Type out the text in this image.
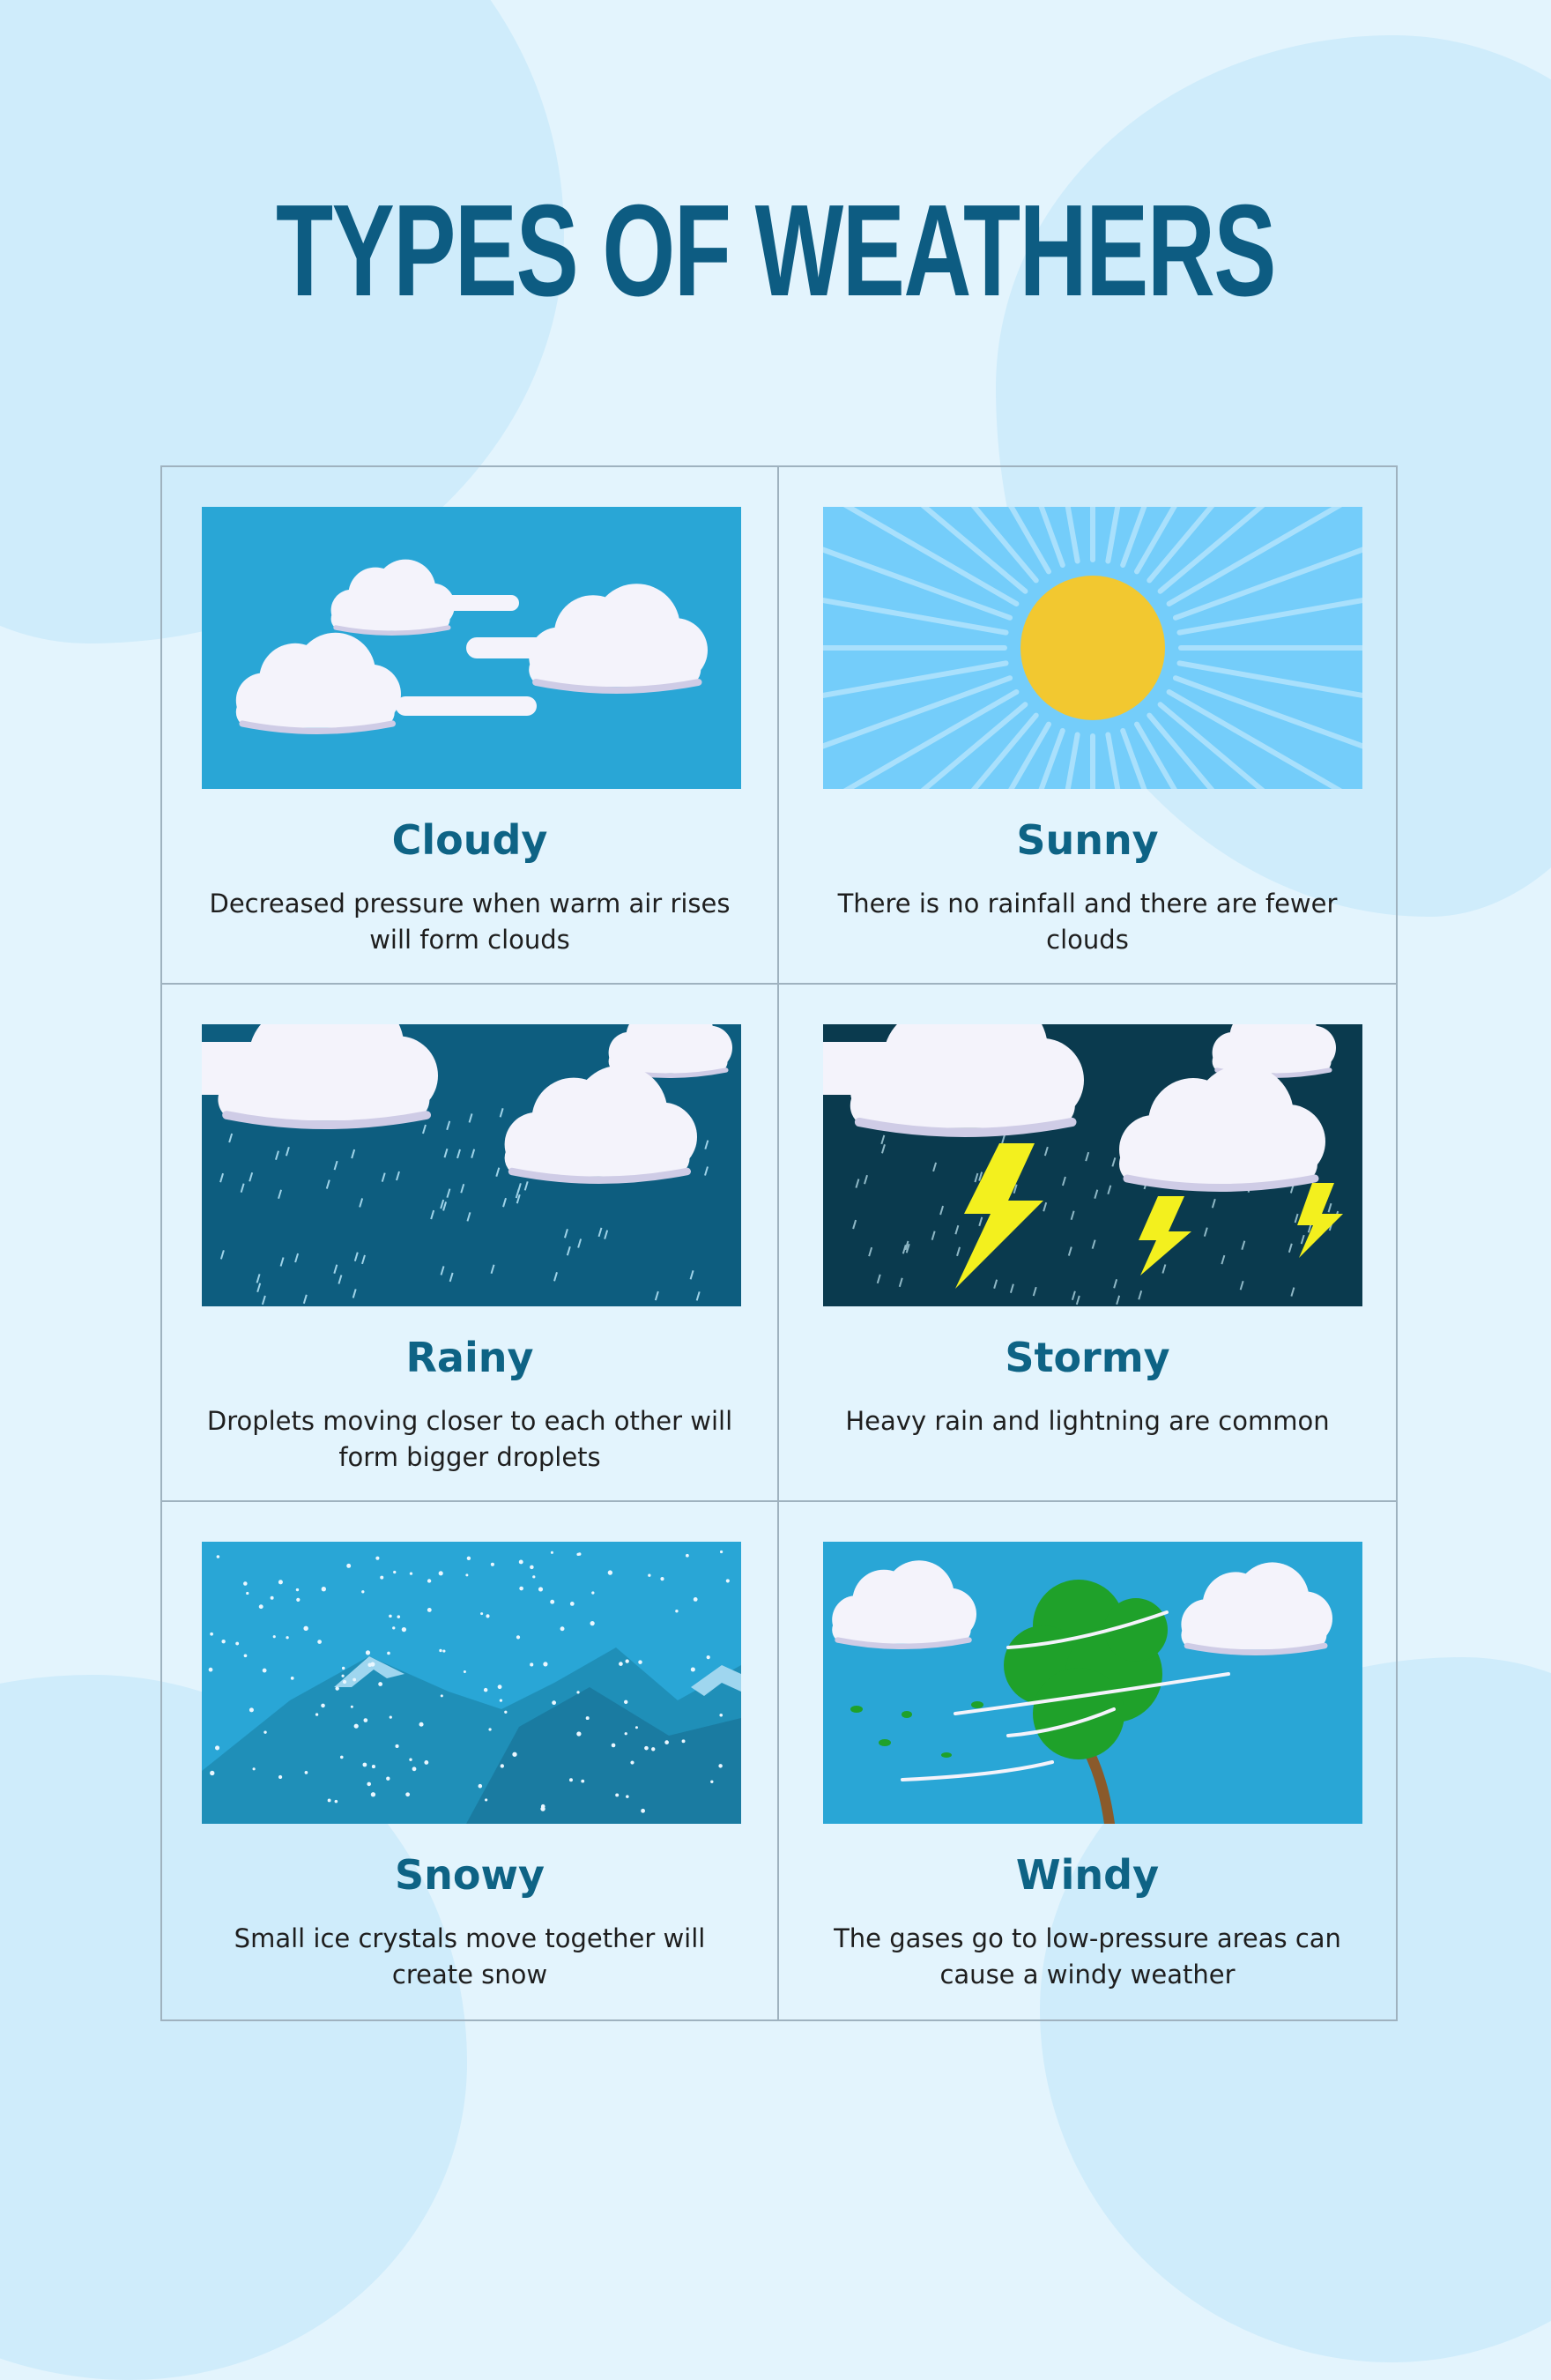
TYPES OF WEATHERS

Cloudy

Decreased pressure when warm air rises will form clouds

Sunny

There is no rainfall and there are fewer clouds

Rainy

Droplets moving closer to each other will form bigger droplets

Stormy

Heavy rain and lightning are common

Snowy

Small ice crystals move together will create snow

Windy

The gases go to low-pressure areas can cause a windy weather
